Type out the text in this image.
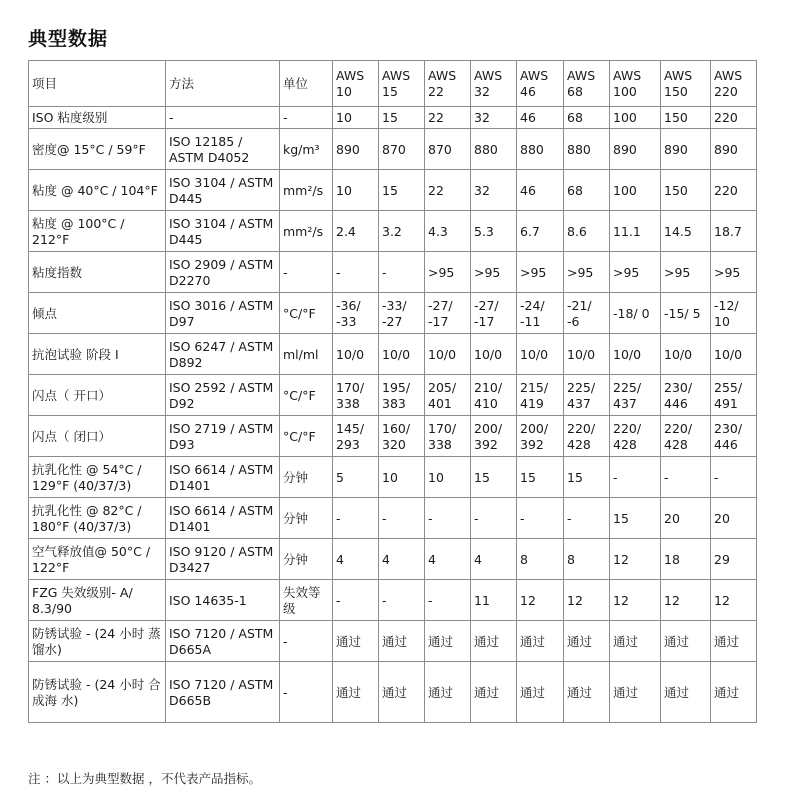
典型数据
项目	方法	单位	AWS 10	AWS 15	AWS 22	AWS 32	AWS 46	AWS 68	AWS 100	AWS 150	AWS 220
ISO 粘度级别	-	-	10	15	22	32	46	68	100	150	220
密度@ 15°C / 59°F	ISO 12185 / ASTM D4052	kg/m³	890	870	870	880	880	880	890	890	890
粘度 @ 40°C / 104°F	ISO 3104 / ASTM D445	mm²/s	10	15	22	32	46	68	100	150	220
粘度 @ 100°C / 212°F	ISO 3104 / ASTM D445	mm²/s	2.4	3.2	4.3	5.3	6.7	8.6	11.1	14.5	18.7
粘度指数	ISO 2909 / ASTM D2270	-	-	-	>95	>95	>95	>95	>95	>95	>95
倾点	ISO 3016 / ASTM D97	°C/°F	-36/ -33	-33/ -27	-27/ -17	-27/ -17	-24/ -11	-21/ -6	-18/ 0	-15/ 5	-12/ 10
抗泡试验 阶段 I	ISO 6247 / ASTM D892	ml/ml	10/0	10/0	10/0	10/0	10/0	10/0	10/0	10/0	10/0
闪点（ 开口）	ISO 2592 / ASTM D92	°C/°F	170/ 338	195/ 383	205/ 401	210/ 410	215/ 419	225/ 437	225/ 437	230/ 446	255/ 491
闪点（ 闭口）	ISO 2719 / ASTM D93	°C/°F	145/ 293	160/ 320	170/ 338	200/ 392	200/ 392	220/ 428	220/ 428	220/ 428	230/ 446
抗乳化性 @ 54°C / 129°F (40/37/3)	ISO 6614 / ASTM D1401	分钟	5	10	10	15	15	15	-	-	-
抗乳化性 @ 82°C / 180°F (40/37/3)	ISO 6614 / ASTM D1401	分钟	-	-	-	-	-	-	15	20	20
空气释放值@ 50°C / 122°F	ISO 9120 / ASTM D3427	分钟	4	4	4	4	8	8	12	18	29
FZG 失效级别- A/ 8.3/90	ISO 14635-1	失效等级	-	-	-	11	12	12	12	12	12
防锈试验 - (24 小时 蒸馏水)	ISO 7120 / ASTM D665A	-	通过	通过	通过	通过	通过	通过	通过	通过	通过
防锈试验 - (24 小时 合成海 水)	ISO 7120 / ASTM D665B	-	通过	通过	通过	通过	通过	通过	通过	通过	通过
注 ：以上为典型数据 ，不代表产品指标。
